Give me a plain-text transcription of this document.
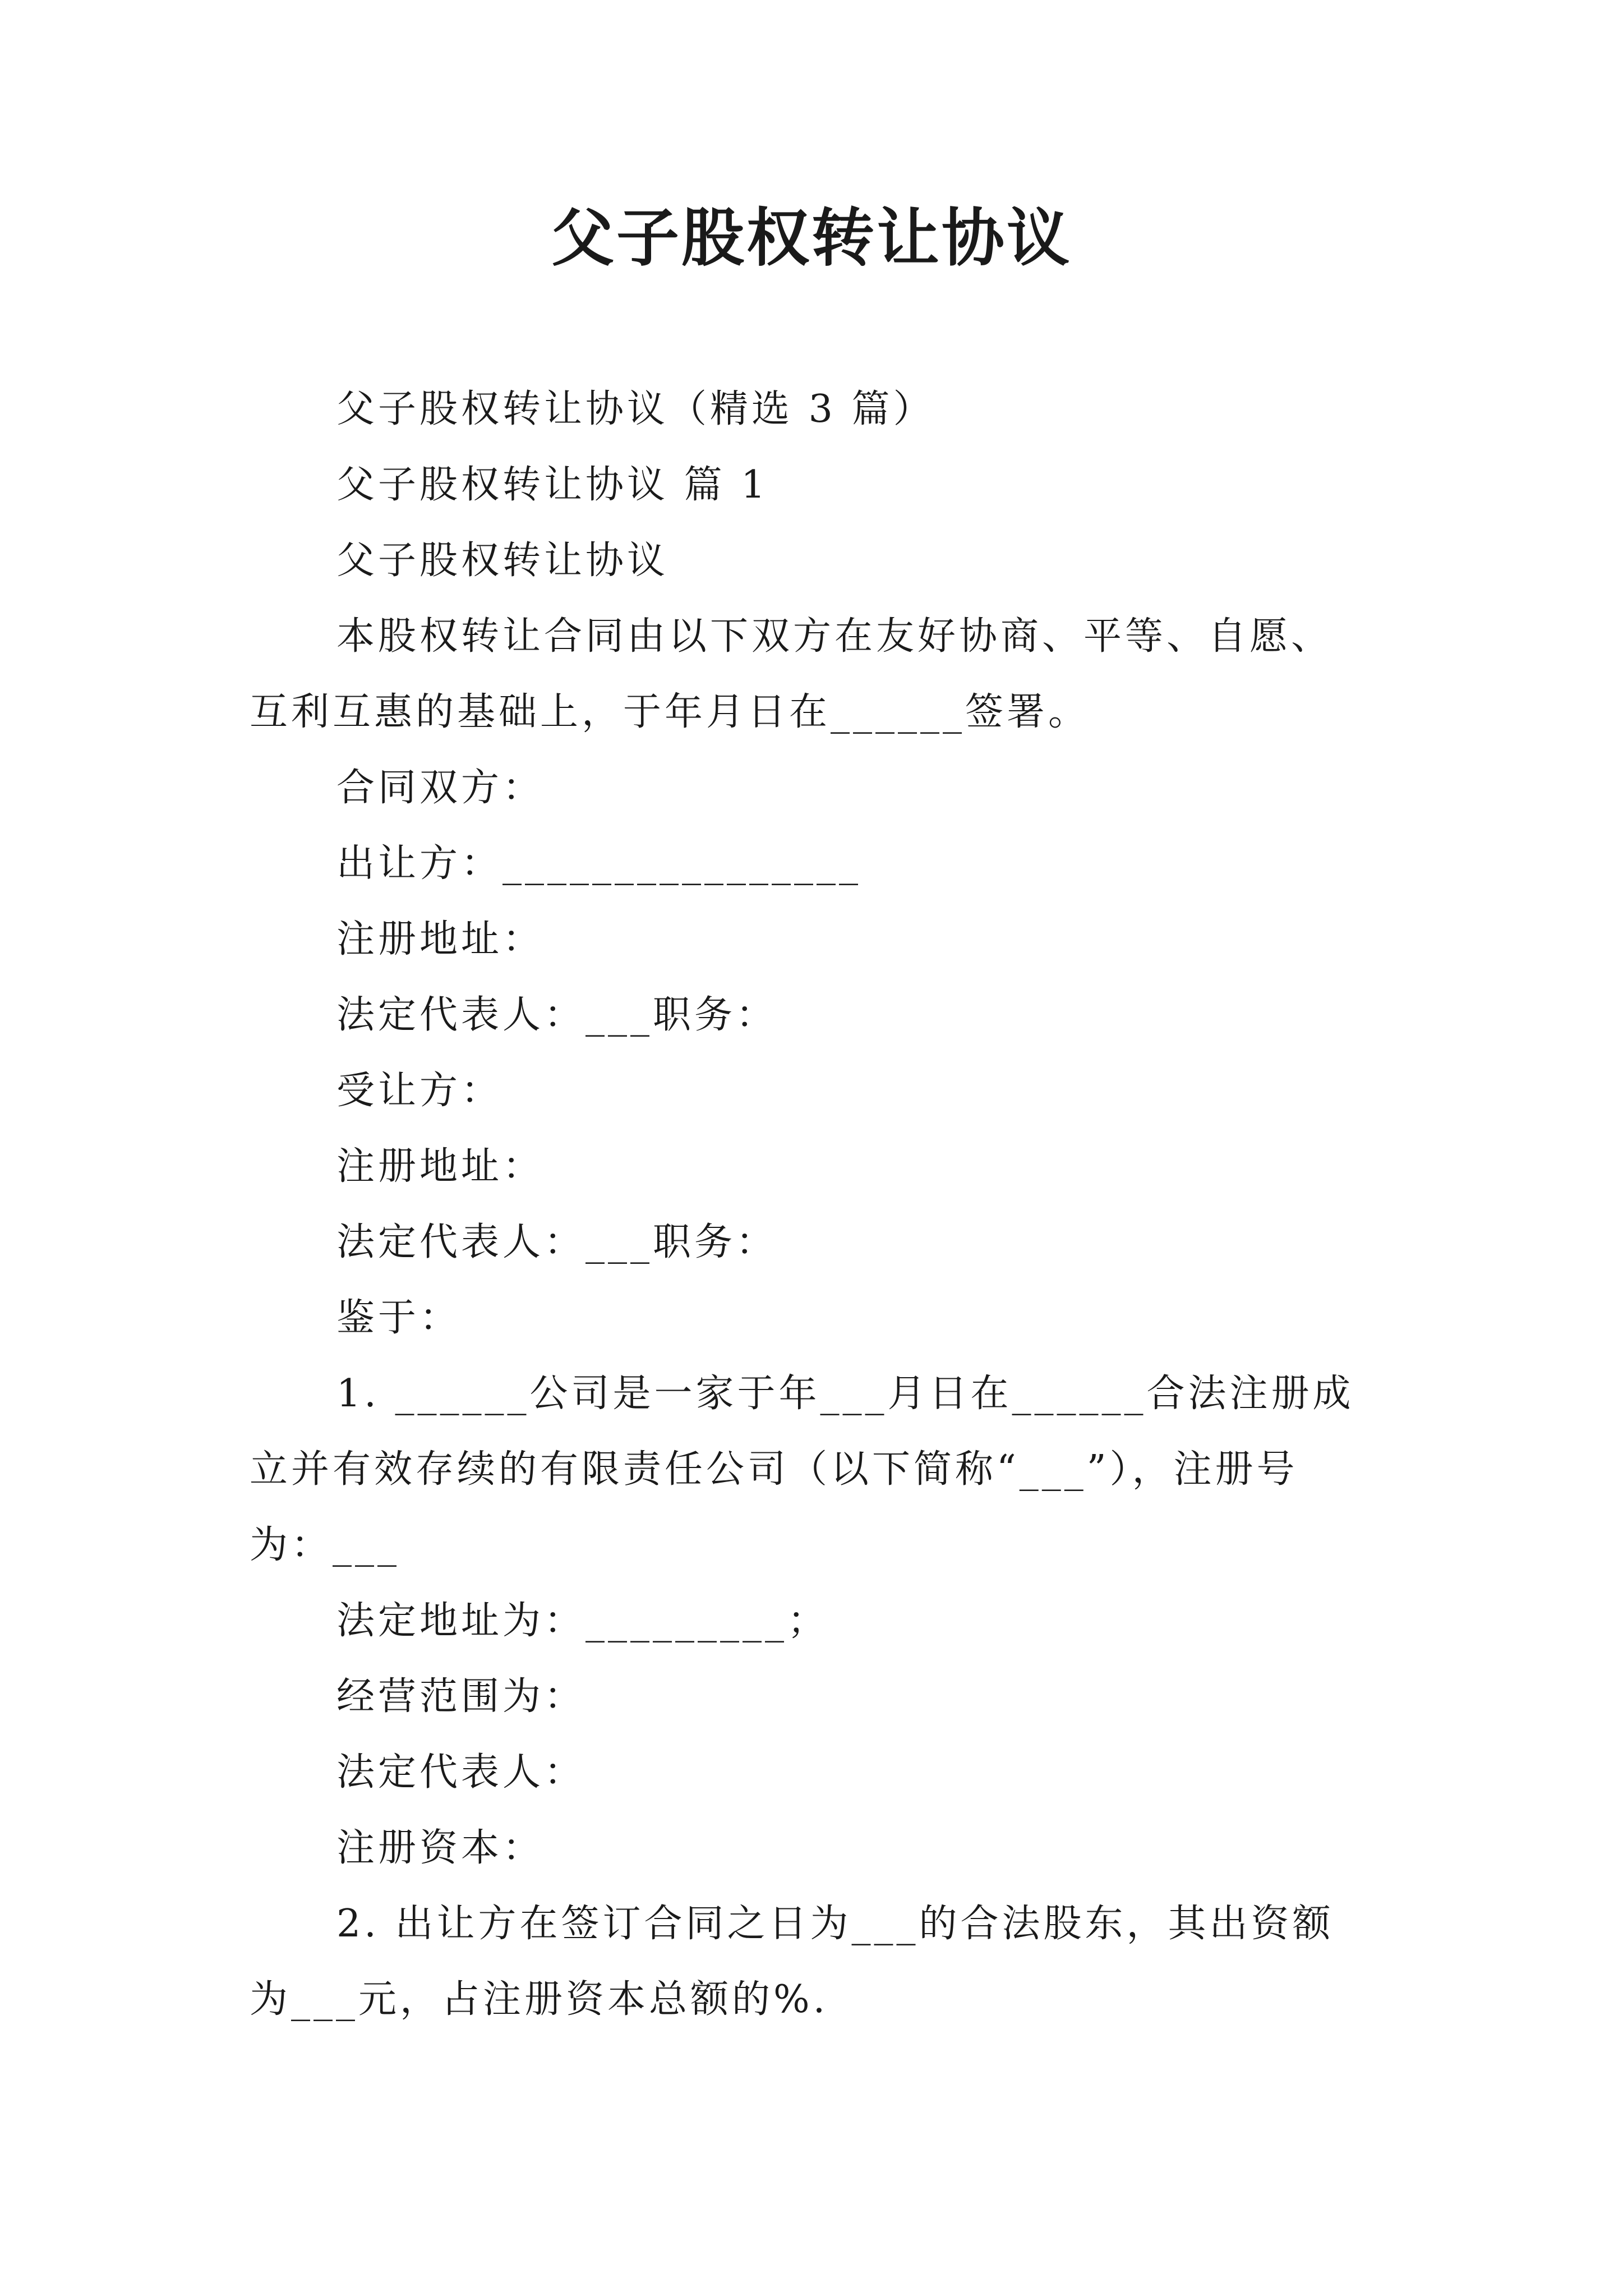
父子股权转让协议

父子股权转让协议（精选 3 篇）

父子股权转让协议 篇 1

父子股权转让协议

本股权转让合同由以下双方在友好协商、平等、自愿、

互利互惠的基础上，于年月日在______签署。

合同双方：

出让方：________________

注册地址：

法定代表人：___职务：

受让方：

注册地址：

法定代表人：___职务：

鉴于：

1. ______公司是一家于年___月日在______合法注册成

立并有效存续的有限责任公司（以下简称“___”），注册号

为：___

法定地址为：_________；

经营范围为：

法定代表人：

注册资本：

2. 出让方在签订合同之日为___的合法股东，其出资额

为___元，占注册资本总额的%.
